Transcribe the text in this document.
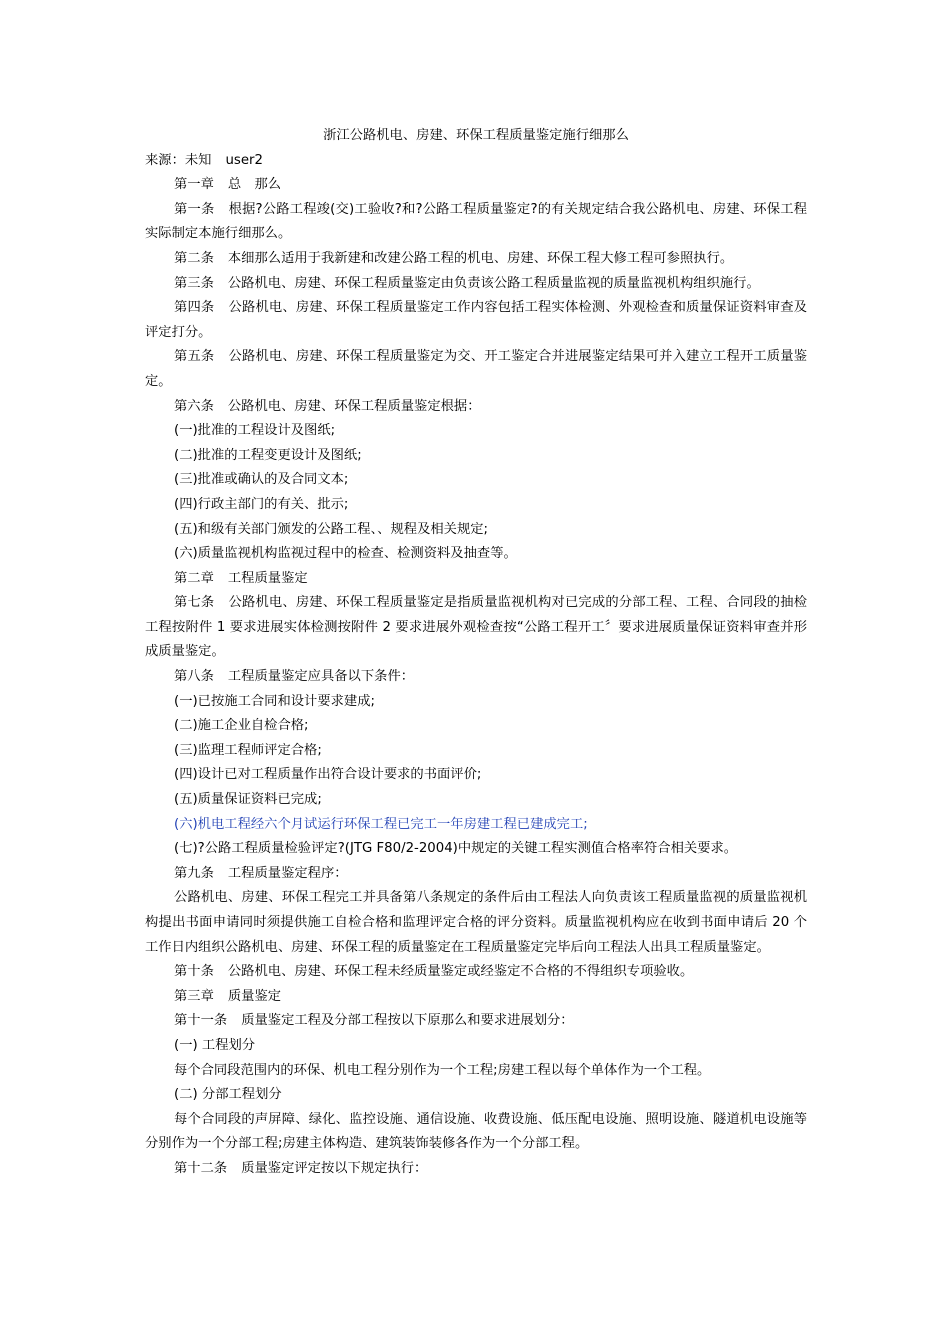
浙江公路机电、房建、环保工程质量鉴定施行细那么

来源：未知 user2

第一章 总　那么

第一条 根据?公路工程竣(交)工验收?和?公路工程质量鉴定?的有关规定结合我公路机电、房建、环保工程实际制定本施行细那么。

第二条 本细那么适用于我新建和改建公路工程的机电、房建、环保工程大修工程可参照执行。

第三条 公路机电、房建、环保工程质量鉴定由负责该公路工程质量监视的质量监视机构组织施行。

第四条 公路机电、房建、环保工程质量鉴定工作内容包括工程实体检测、外观检查和质量保证资料审查及评定打分。

第五条 公路机电、房建、环保工程质量鉴定为交、开工鉴定合并进展鉴定结果可并入建立工程开工质量鉴定。

第六条 公路机电、房建、环保工程质量鉴定根据：

(一)批准的工程设计及图纸;

(二)批准的工程变更设计及图纸;

(三)批准或确认的及合同文本;

(四)行政主部门的有关、批示;

(五)和级有关部门颁发的公路工程、、规程及相关规定;

(六)质量监视机构监视过程中的检查、检测资料及抽查等。

第二章 工程质量鉴定

第七条 公路机电、房建、环保工程质量鉴定是指质量监视机构对已完成的分部工程、工程、合同段的抽检工程按附件 1 要求进展实体检测按附件 2 要求进展外观检查按“公路工程开工〞要求进展质量保证资料审查并形成质量鉴定。

第八条 工程质量鉴定应具备以下条件：

(一)已按施工合同和设计要求建成;

(二)施工企业自检合格;

(三)监理工程师评定合格;

(四)设计已对工程质量作出符合设计要求的书面评价;

(五)质量保证资料已完成;

(六)机电工程经六个月试运行环保工程已完工一年房建工程已建成完工;

(七)?公路工程质量检验评定?(JTG F80/2-2004)中规定的关键工程实测值合格率符合相关要求。

第九条 工程质量鉴定程序：

公路机电、房建、环保工程完工并具备第八条规定的条件后由工程法人向负责该工程质量监视的质量监视机构提出书面申请同时须提供施工自检合格和监理评定合格的评分资料。质量监视机构应在收到书面申请后 20 个工作日内组织公路机电、房建、环保工程的质量鉴定在工程质量鉴定完毕后向工程法人出具工程质量鉴定。

第十条 公路机电、房建、环保工程未经质量鉴定或经鉴定不合格的不得组织专项验收。

第三章 质量鉴定

第十一条 质量鉴定工程及分部工程按以下原那么和要求进展划分：

(一) 工程划分

每个合同段范围内的环保、机电工程分别作为一个工程;房建工程以每个单体作为一个工程。

(二) 分部工程划分

每个合同段的声屏障、绿化、监控设施、通信设施、收费设施、低压配电设施、照明设施、隧道机电设施等分别作为一个分部工程;房建主体构造、建筑装饰装修各作为一个分部工程。

第十二条 质量鉴定评定按以下规定执行：
